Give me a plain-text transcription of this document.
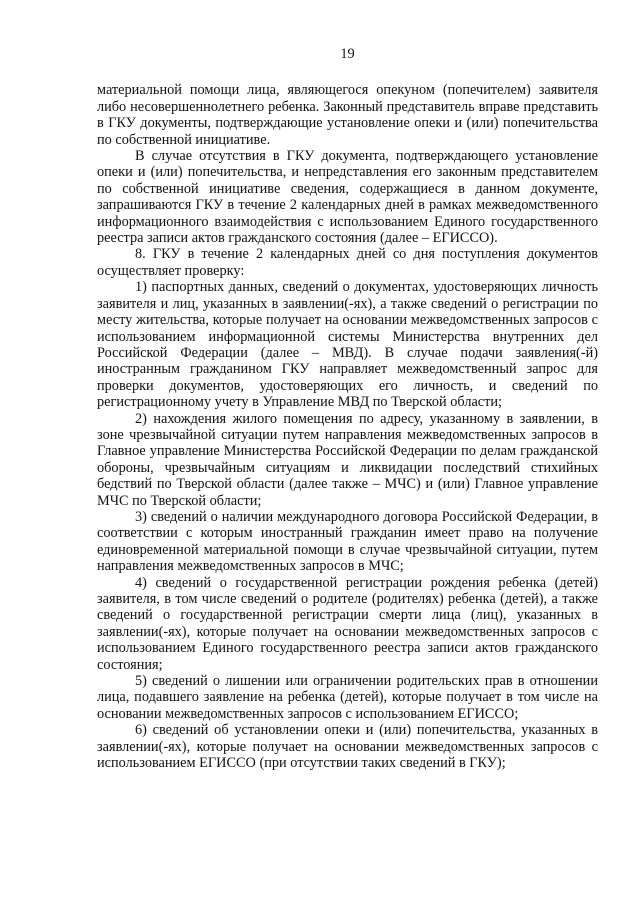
19

материальной помощи лица, являющегося опекуном (попечителем) заявителя либо несовершеннолетнего ребенка. Законный представитель вправе представить в ГКУ документы, подтверждающие установление опеки и (или) попечительства по собственной инициативе.

В случае отсутствия в ГКУ документа, подтверждающего установление опеки и (или) попечительства, и непредставления его законным представителем по собственной инициативе сведения, содержащиеся в данном документе, запрашиваются ГКУ в течение 2 календарных дней в рамках межведомственного информационного взаимодействия с использованием Единого государственного реестра записи актов гражданского состояния (далее – ЕГИССО).

8. ГКУ в течение 2 календарных дней со дня поступления документов осуществляет проверку:

1) паспортных данных, сведений о документах, удостоверяющих личность заявителя и лиц, указанных в заявлении(-ях), а также сведений о регистрации по месту жительства, которые получает на основании межведомственных запросов с использованием информационной системы Министерства внутренних дел Российской Федерации (далее – МВД). В случае подачи заявления(-й) иностранным гражданином ГКУ направляет межведомственный запрос для проверки документов, удостоверяющих его личность, и сведений по регистрационному учету в Управление МВД по Тверской области;

2) нахождения жилого помещения по адресу, указанному в заявлении, в зоне чрезвычайной ситуации путем направления межведомственных запросов в Главное управление Министерства Российской Федерации по делам гражданской обороны, чрезвычайным ситуациям и ликвидации последствий стихийных бедствий по Тверской области (далее также – МЧС) и (или) Главное управление МЧС по Тверской области;

3) сведений о наличии международного договора Российской Федерации, в соответствии с которым иностранный гражданин имеет право на получение единовременной материальной помощи в случае чрезвычайной ситуации, путем направления межведомственных запросов в МЧС;

4) сведений о государственной регистрации рождения ребенка (детей) заявителя, в том числе сведений о родителе (родителях) ребенка (детей), а также сведений о государственной регистрации смерти лица (лиц), указанных в заявлении(-ях), которые получает на основании межведомственных запросов с использованием Единого государственного реестра записи актов гражданского состояния;

5) сведений о лишении или ограничении родительских прав в отношении лица, подавшего заявление на ребенка (детей), которые получает в том числе на основании межведомственных запросов с использованием ЕГИССО;

6) сведений об установлении опеки и (или) попечительства, указанных в заявлении(-ях), которые получает на основании межведомственных запросов с использованием ЕГИССО (при отсутствии таких сведений в ГКУ);
